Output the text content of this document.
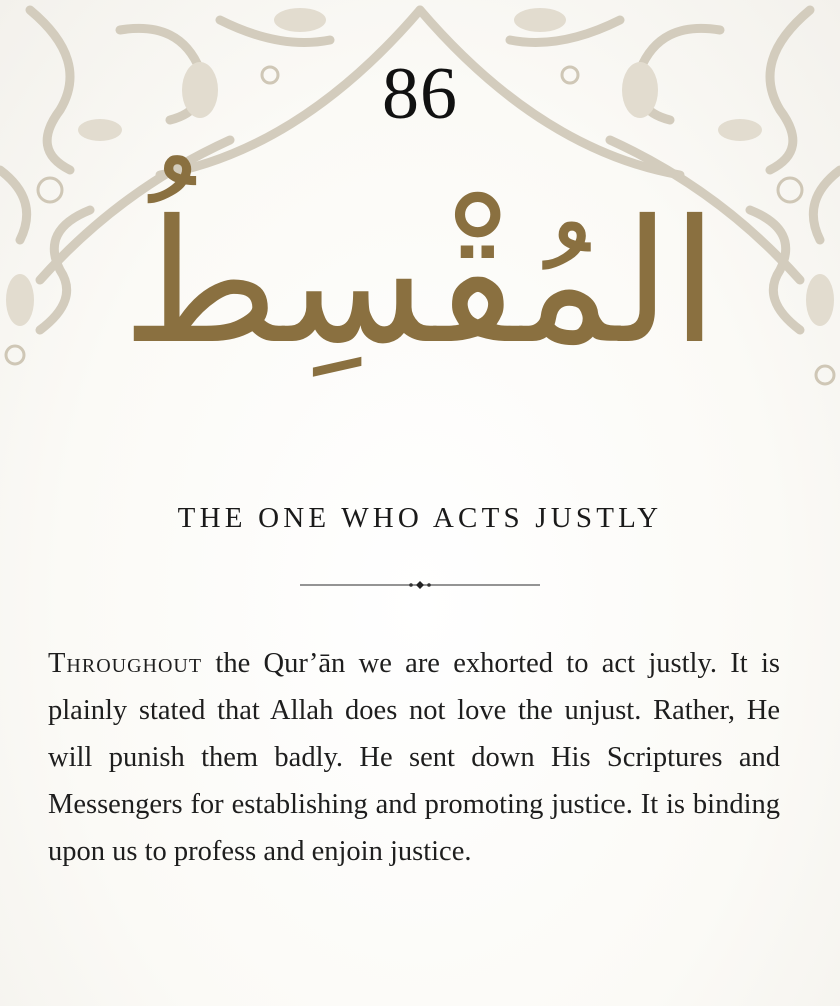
86
المُقْسِطُ
THE ONE WHO ACTS JUSTLY
Throughout the Qur’ān we are exhorted to act justly. It is plainly stated that Allah does not love the unjust. Rather, He will punish them badly. He sent down His Scriptures and Messengers for establishing and promoting justice. It is binding upon us to profess and enjoin justice.
